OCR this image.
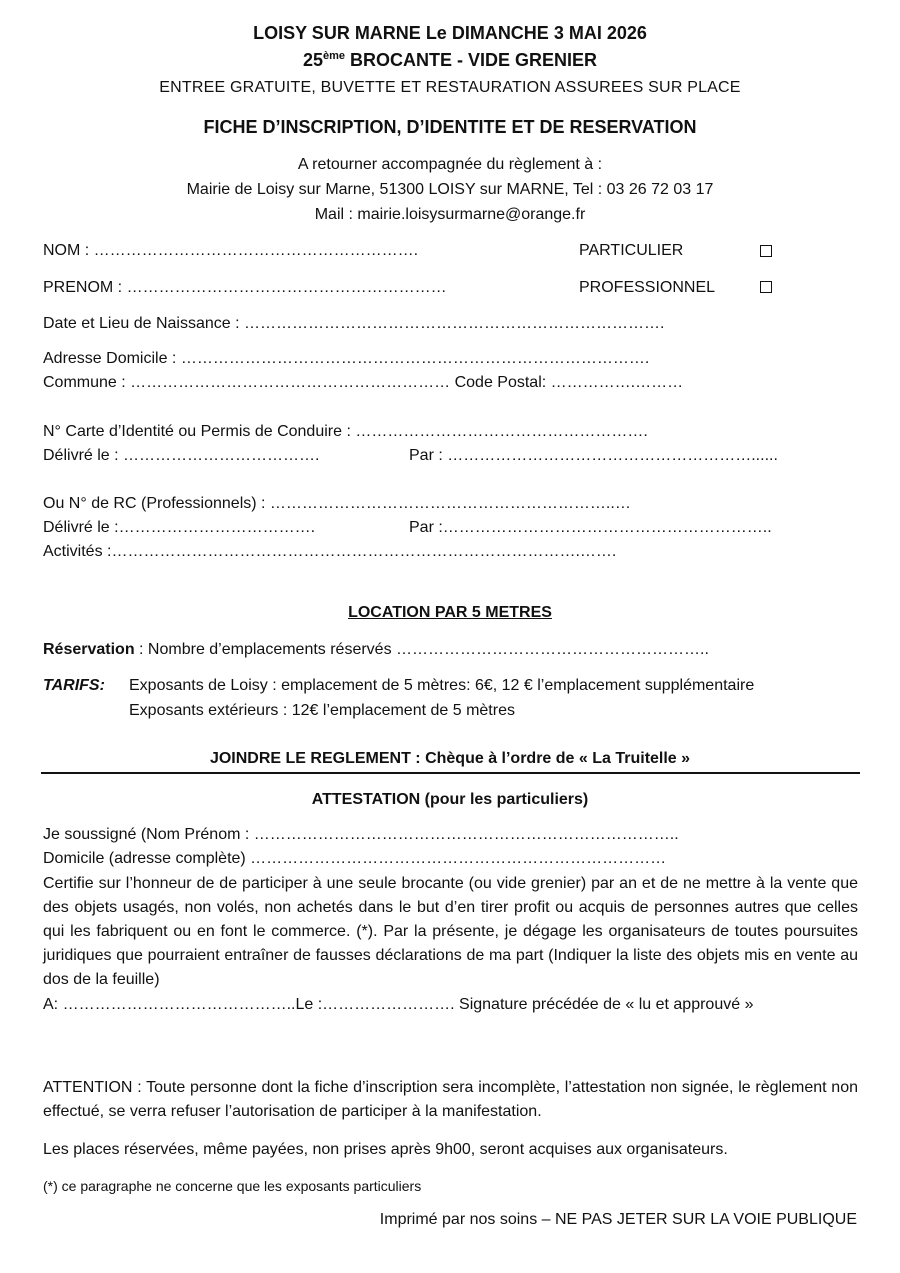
LOISY SUR MARNE Le DIMANCHE 3 MAI 2026
25ème BROCANTE - VIDE GRENIER
ENTREE GRATUITE, BUVETTE ET RESTAURATION ASSUREES SUR PLACE
FICHE D’INSCRIPTION, D’IDENTITE ET DE RESERVATION
A retourner accompagnée du règlement à :
Mairie de Loisy sur Marne, 51300 LOISY sur MARNE, Tel : 03 26 72 03 17
Mail : mairie.loisysurmarne@orange.fr
NOM : …………………………………………………….	PARTICULIER
PRENOM : ……………………………………………………	PROFESSIONNEL
Date et Lieu de Naissance : …………………………………………………………………….
Adresse Domicile : …………………………………………………………………………….
Commune : …………………………………………………… Code Postal: …………….………
N° Carte d’Identité ou Permis de Conduire : ……………………………………………….
Délivré le : ……………………………….	Par : …………………………………………………......
Ou N° de RC (Professionnels) : ………………………………………………………..…
Délivré le :……………………………….	Par :……………………………………………………..
Activités :…………………………………………………………………………….…….
LOCATION PAR 5 METRES
Réservation : Nombre d’emplacements réservés …………………………………………………..
TARIFS: Exposants de Loisy : emplacement de 5 mètres: 6€, 12 € l’emplacement supplémentaire
Exposants extérieurs : 12€ l’emplacement de 5 mètres
JOINDRE LE REGLEMENT : Chèque à l’ordre de « La Truitelle »
ATTESTATION (pour les particuliers)
Je soussigné (Nom Prénom : ……………………………………………………………………..
Domicile (adresse complète) ……………………………………………………………………
Certifie sur l’honneur de de participer à une seule brocante (ou vide grenier) par an et de ne mettre à la vente que des objets usagés, non volés, non achetés dans le but d’en tirer profit ou acquis de personnes autres que celles qui les fabriquent ou en font le commerce. (*). Par la présente, je dégage les organisateurs de toutes poursuites juridiques que pourraient entraîner de fausses déclarations de ma part (Indiquer la liste des objets mis en vente au dos de la feuille)
A: ……………………………………..Le :……………………. Signature précédée de « lu et approuvé »
ATTENTION : Toute personne dont la fiche d’inscription sera incomplète, l’attestation non signée, le règlement non effectué, se verra refuser l’autorisation de participer à la manifestation.
Les places réservées, même payées, non prises après 9h00, seront acquises aux organisateurs.
(*) ce paragraphe ne concerne que les exposants particuliers
Imprimé par nos soins – NE PAS JETER SUR LA VOIE PUBLIQUE
